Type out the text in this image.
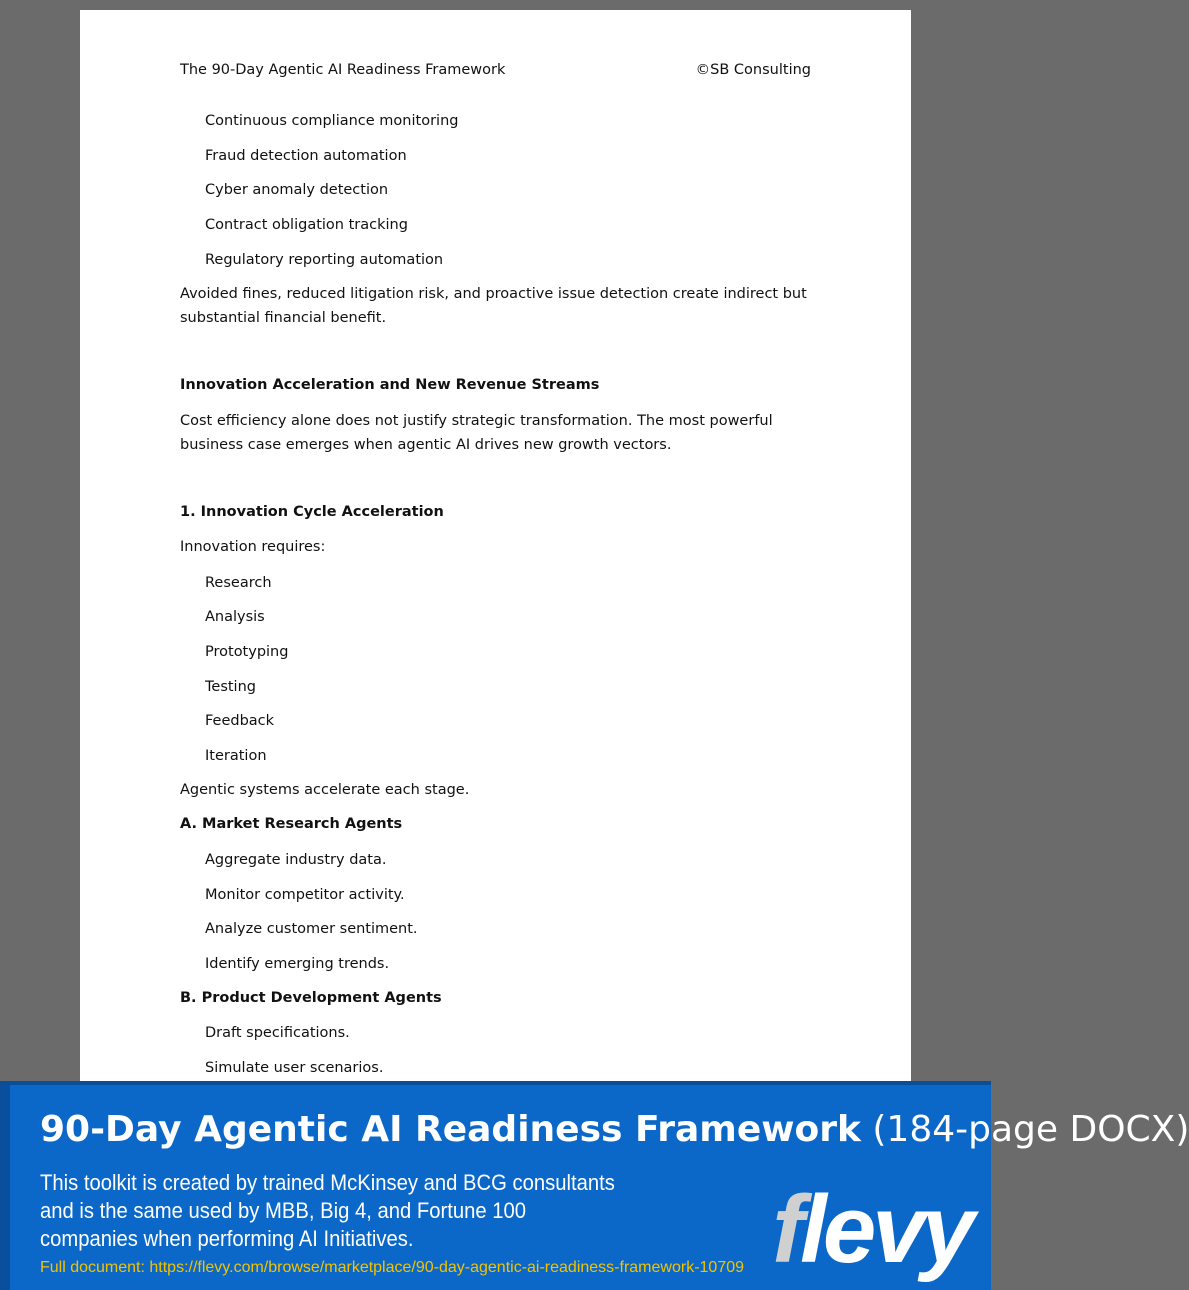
The 90-Day Agentic AI Readiness Framework	©SB Consulting
Continuous compliance monitoring
Fraud detection automation
Cyber anomaly detection
Contract obligation tracking
Regulatory reporting automation

Avoided fines, reduced litigation risk, and proactive issue detection create indirect but substantial financial benefit.

Innovation Acceleration and New Revenue Streams

Cost efficiency alone does not justify strategic transformation. The most powerful business case emerges when agentic AI drives new growth vectors.

1. Innovation Cycle Acceleration

Innovation requires:

Research
Analysis
Prototyping
Testing
Feedback
Iteration

Agentic systems accelerate each stage.

A. Market Research Agents
Aggregate industry data.
Monitor competitor activity.
Analyze customer sentiment.
Identify emerging trends.
B. Product Development Agents
Draft specifications.
Simulate user scenarios.
90-Day Agentic AI Readiness Framework (184-page DOCX)
This toolkit is created by trained McKinsey and BCG consultants and is the same used by MBB, Big 4, and Fortune 100 companies when performing AI Initiatives.
Full document: https://flevy.com/browse/marketplace/90-day-agentic-ai-readiness-framework-10709 flevy
